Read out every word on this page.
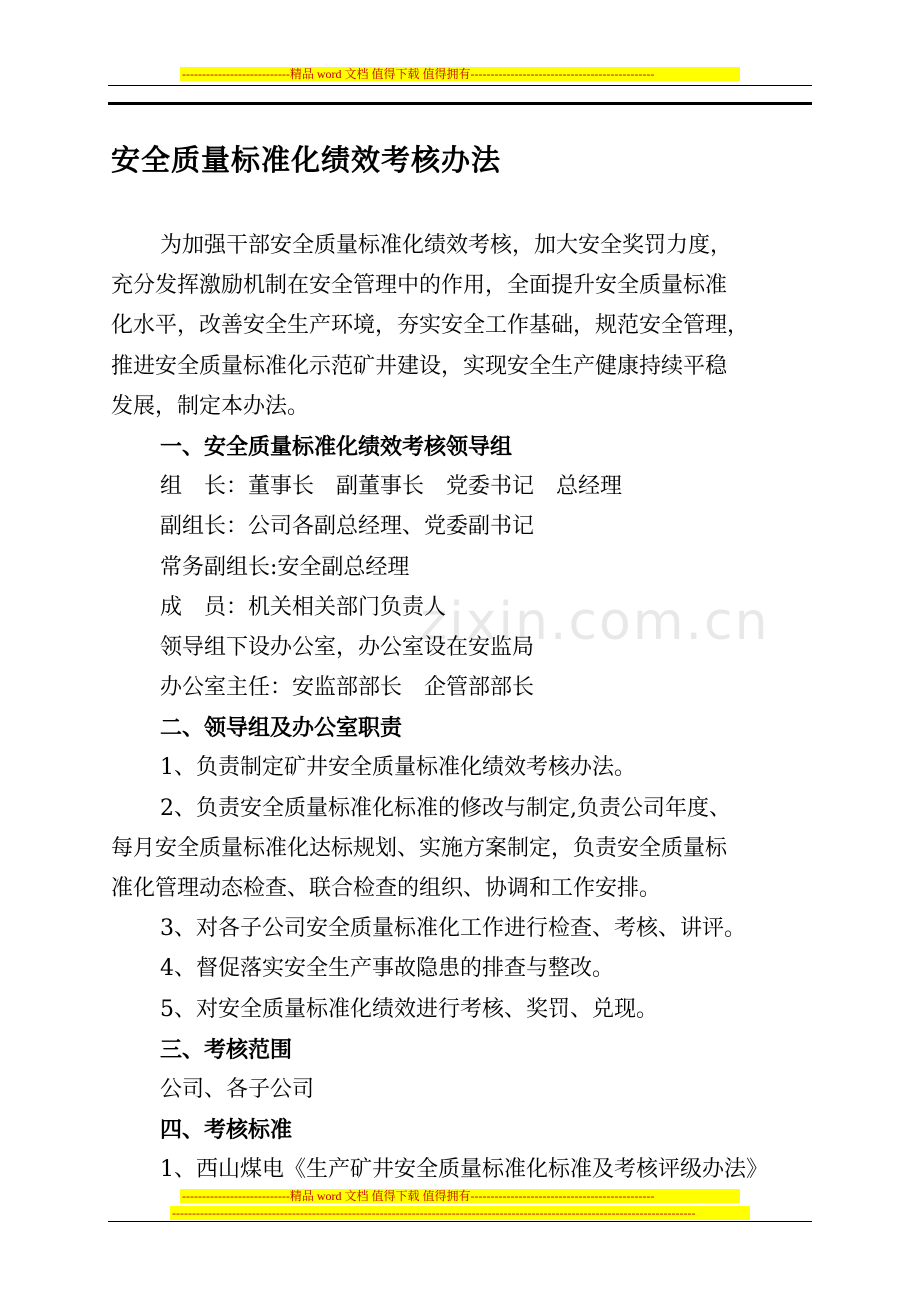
---------------------------精品 word 文档 值得下载 值得拥有----------------------------------------------
安全质量标准化绩效考核办法
zixin.com.cn
为加强干部安全质量标准化绩效考核，加大安全奖罚力度，
充分发挥激励机制在安全管理中的作用，全面提升安全质量标准
化水平，改善安全生产环境，夯实安全工作基础，规范安全管理，
推进安全质量标准化示范矿井建设，实现安全生产健康持续平稳
发展，制定本办法。
一、安全质量标准化绩效考核领导组
组　长：董事长　副董事长　党委书记　总经理
副组长：公司各副总经理、党委副书记
常务副组长:安全副总经理
成　员：机关相关部门负责人
领导组下设办公室，办公室设在安监局
办公室主任：安监部部长　企管部部长
二、领导组及办公室职责
1、负责制定矿井安全质量标准化绩效考核办法。
2、负责安全质量标准化标准的修改与制定,负责公司年度、
每月安全质量标准化达标规划、实施方案制定，负责安全质量标
准化管理动态检查、联合检查的组织、协调和工作安排。
3、对各子公司安全质量标准化工作进行检查、考核、讲评。
4、督促落实安全生产事故隐患的排查与整改。
5、对安全质量标准化绩效进行考核、奖罚、兑现。
三、考核范围
公司、各子公司
四、考核标准
1、西山煤电《生产矿井安全质量标准化标准及考核评级办法》
---------------------------精品 word 文档 值得下载 值得拥有----------------------------------------------
-----------------------------------------------------------------------------------------------------------------------------------
